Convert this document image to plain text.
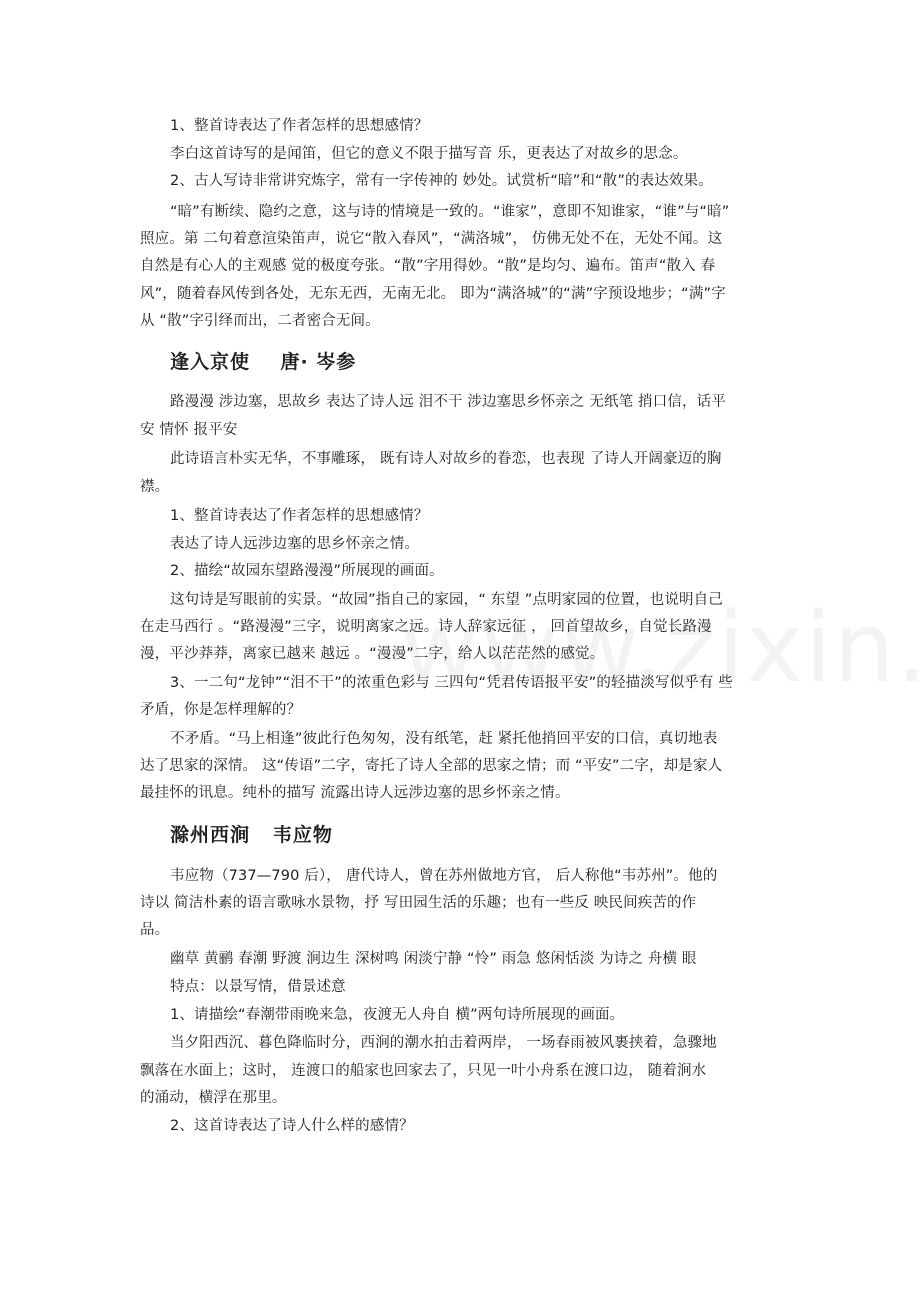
1、整首诗表达了作者怎样的思想感情？
李白这首诗写的是闻笛，但它的意义不限于描写音 乐，更表达了对故乡的思念。
2、古人写诗非常讲究炼字，常有一字传神的 妙处。试赏析“暗”和“散”的表达效果。
“暗”有断续、隐约之意，这与诗的情境是一致的。“谁家”，意即不知谁家，“谁”与“暗”
照应。第 二句着意渲染笛声，说它“散入春风”，“满洛城”， 仿佛无处不在，无处不闻。这
自然是有心人的主观感 觉的极度夸张。“散”字用得妙。“散”是均匀、遍布。笛声“散入 春
风”，随着春风传到各处，无东无西，无南无北。 即为“满洛城”的“满”字预设地步；“满”字
从 “散”字引绎而出，二者密合无间。
逢入京使    唐· 岑参
路漫漫 涉边塞，思故乡 表达了诗人远 泪不干 涉边塞思乡怀亲之 无纸笔 捎口信，话平
安 情怀 报平安
此诗语言朴实无华，不事雕琢， 既有诗人对故乡的眷恋，也表现 了诗人开阔豪迈的胸
襟。
1、整首诗表达了作者怎样的思想感情？
表达了诗人远涉边塞的思乡怀亲之情。
2、描绘“故园东望路漫漫”所展现的画面。
这句诗是写眼前的实景。“故园”指自己的家园，“ 东望 ”点明家园的位置，也说明自己
在走马西行 。“路漫漫”三字，说明离家之远。诗人辞家远征 ， 回首望故乡，自觉长路漫
漫，平沙莽莽，离家已越来 越远 。“漫漫”二字，给人以茫茫然的感觉。
3、一二句“龙钟”“泪不干”的浓重色彩与 三四句“凭君传语报平安”的轻描淡写似乎有 些
矛盾，你是怎样理解的？
不矛盾。“马上相逢”彼此行色匆匆，没有纸笔，赶 紧托他捎回平安的口信，真切地表
达了思家的深情。 这“传语”二字，寄托了诗人全部的思家之情；而 “平安”二字，却是家人
最挂怀的讯息。纯朴的描写 流露出诗人远涉边塞的思乡怀亲之情。
滁州西涧   韦应物
韦应物（737—790 后）， 唐代诗人，曾在苏州做地方官， 后人称他“韦苏州”。他的
诗以 简洁朴素的语言歌咏水景物，抒 写田园生活的乐趣；也有一些反 映民间疾苦的作
品。
幽草 黄鹂 春潮 野渡 涧边生 深树鸣 闲淡宁静 “怜” 雨急 悠闲恬淡 为诗之 舟横 眼
特点：以景写情，借景述意
1、请描绘“春潮带雨晚来急，夜渡无人舟自 横”两句诗所展现的画面。
当夕阳西沉、暮色降临时分，西涧的潮水拍击着两岸， 一场春雨被风裹挟着，急骤地
飘落在水面上；这时， 连渡口的船家也回家去了，只见一叶小舟系在渡口边， 随着涧水
的涌动，横浮在那里。
2、这首诗表达了诗人什么样的感情？
